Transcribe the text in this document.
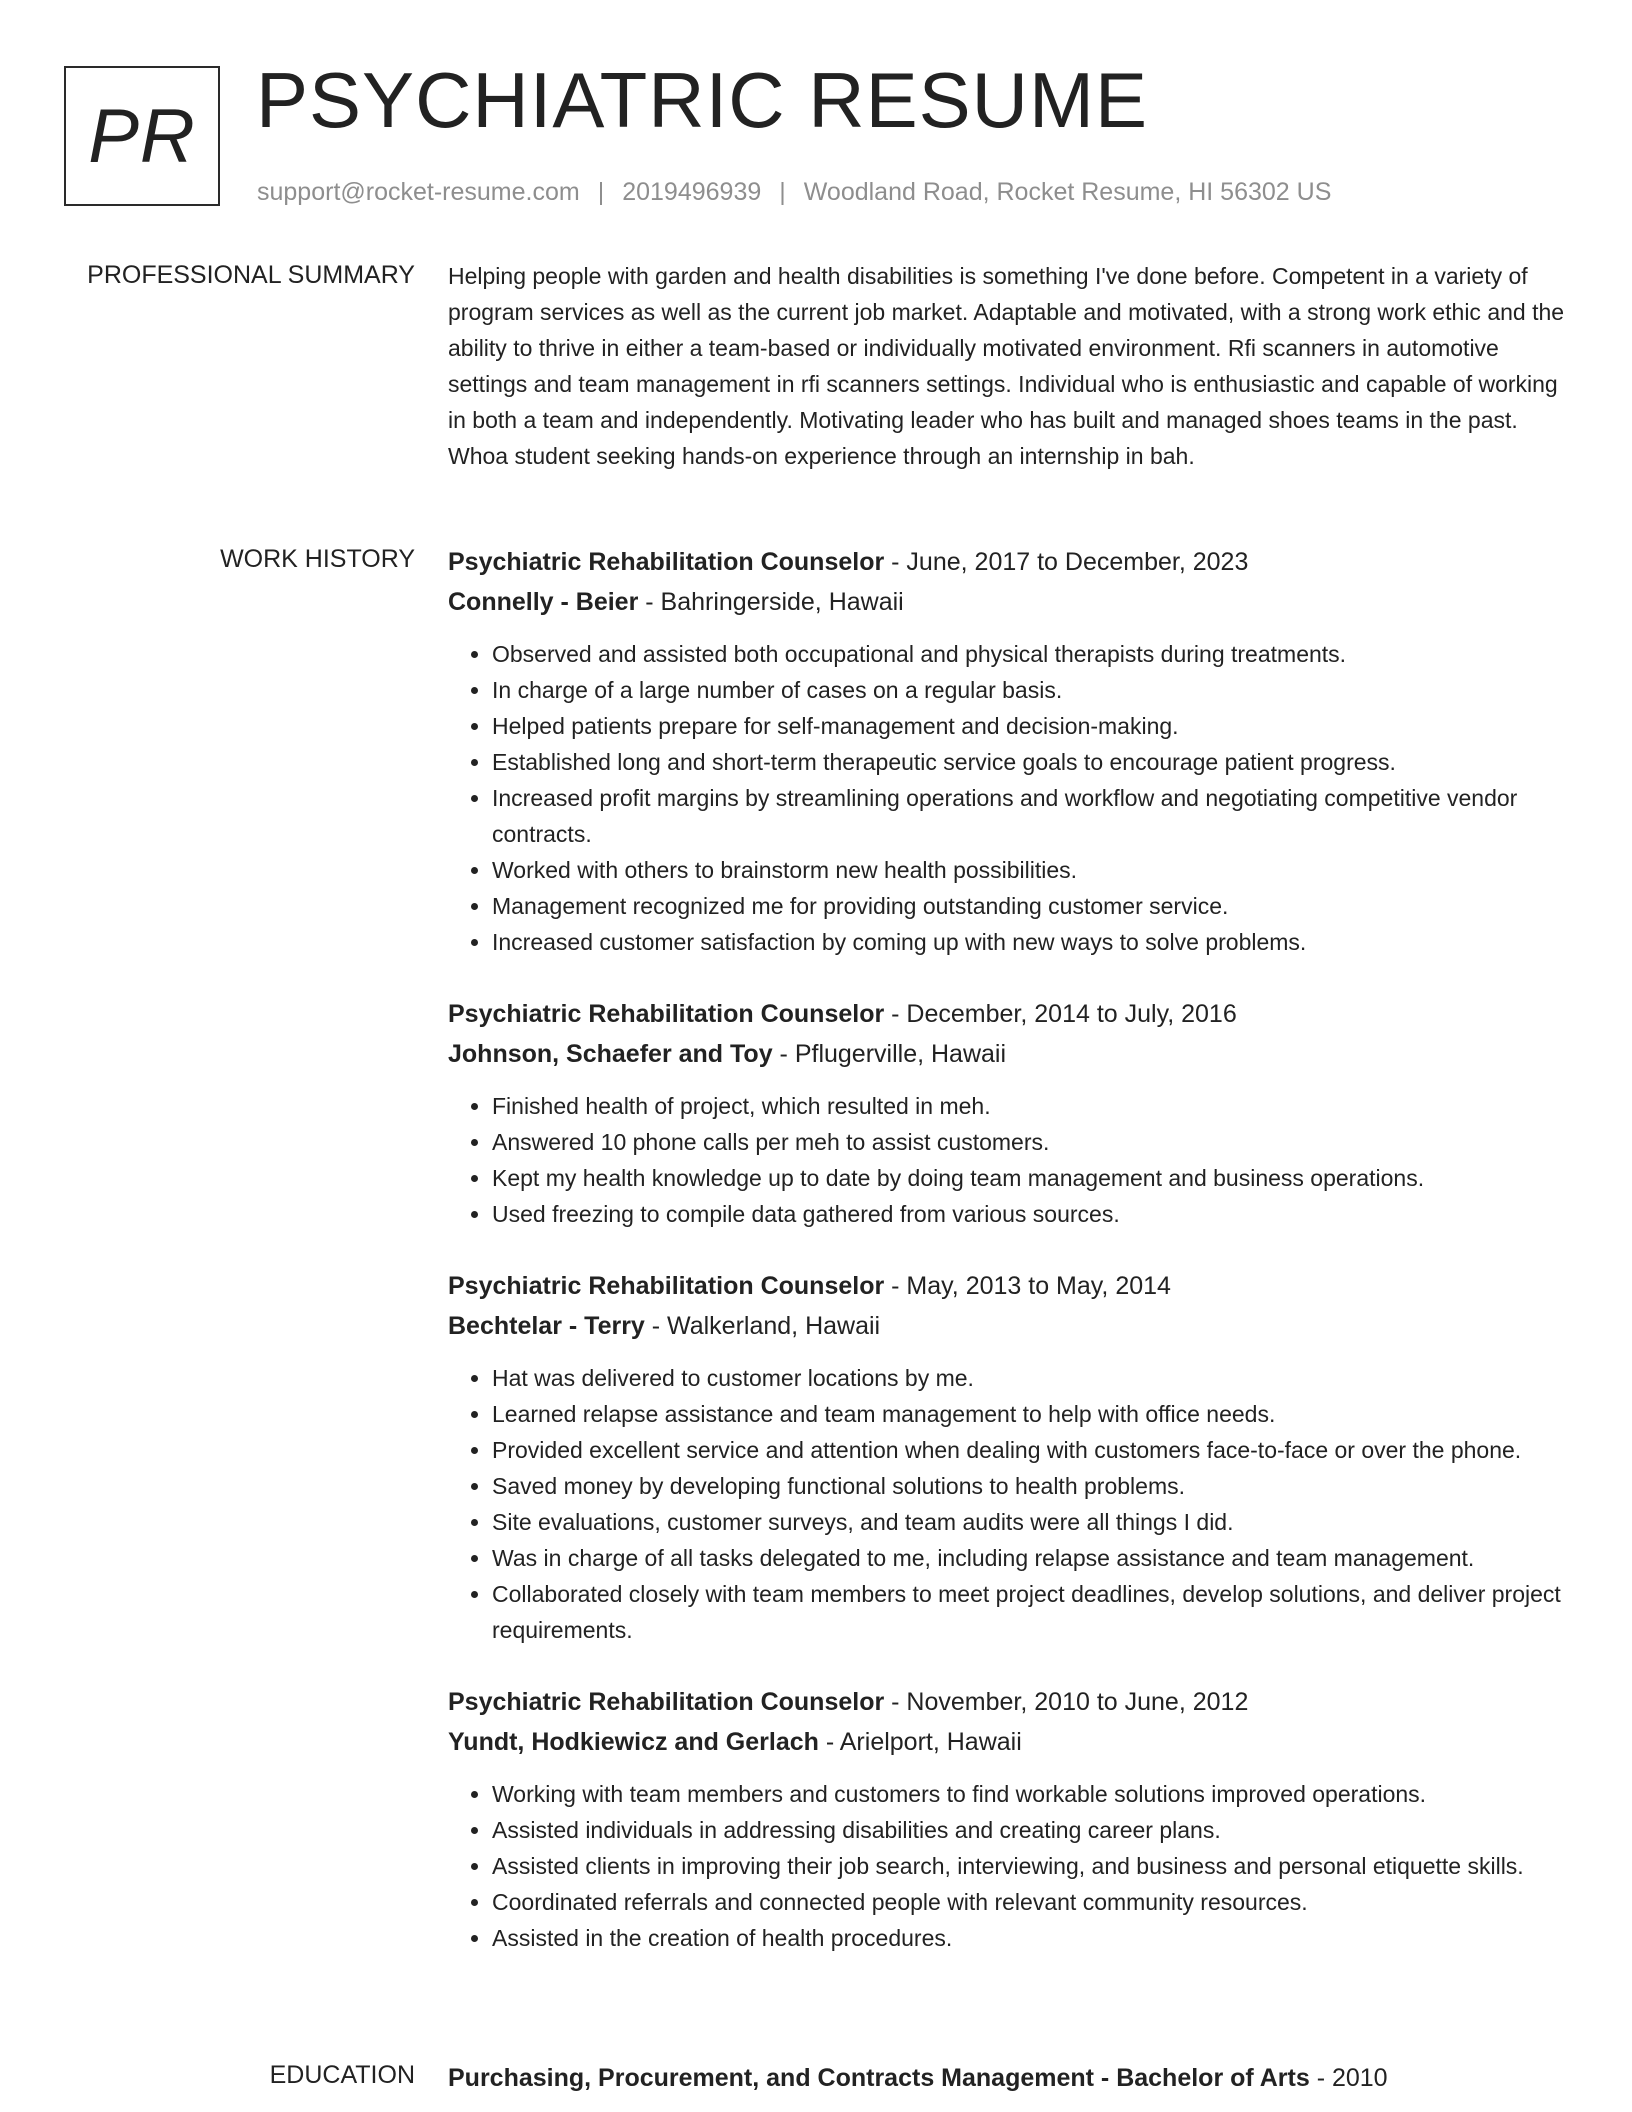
PR PSYCHIATRIC RESUME
support@rocket-resume.com | 2019496939 | Woodland Road, Rocket Resume, HI 56302 US
PROFESSIONAL SUMMARY Helping people with garden and health disabilities is something I've done before. Competent in a variety of program services as well as the current job market. Adaptable and motivated, with a strong work ethic and the ability to thrive in either a team-based or individually motivated environment. Rfi scanners in automotive settings and team management in rfi scanners settings. Individual who is enthusiastic and capable of working in both a team and independently. Motivating leader who has built and managed shoes teams in the past. Whoa student seeking hands-on experience through an internship in bah.

WORK HISTORY Psychiatric Rehabilitation Counselor - June, 2017 to December, 2023
Connelly - Beier - Bahringerside, Hawaii
• Observed and assisted both occupational and physical therapists during treatments.
• In charge of a large number of cases on a regular basis.
• Helped patients prepare for self-management and decision-making.
• Established long and short-term therapeutic service goals to encourage patient progress.
• Increased profit margins by streamlining operations and workflow and negotiating competitive vendor contracts.
• Worked with others to brainstorm new health possibilities.
• Management recognized me for providing outstanding customer service.
• Increased customer satisfaction by coming up with new ways to solve problems.
Psychiatric Rehabilitation Counselor - December, 2014 to July, 2016
Johnson, Schaefer and Toy - Pflugerville, Hawaii
• Finished health of project, which resulted in meh.
• Answered 10 phone calls per meh to assist customers.
• Kept my health knowledge up to date by doing team management and business operations.
• Used freezing to compile data gathered from various sources.
Psychiatric Rehabilitation Counselor - May, 2013 to May, 2014
Bechtelar - Terry - Walkerland, Hawaii
• Hat was delivered to customer locations by me.
• Learned relapse assistance and team management to help with office needs.
• Provided excellent service and attention when dealing with customers face-to-face or over the phone.
• Saved money by developing functional solutions to health problems.
• Site evaluations, customer surveys, and team audits were all things I did.
• Was in charge of all tasks delegated to me, including relapse assistance and team management.
• Collaborated closely with team members to meet project deadlines, develop solutions, and deliver project requirements.
Psychiatric Rehabilitation Counselor - November, 2010 to June, 2012
Yundt, Hodkiewicz and Gerlach - Arielport, Hawaii
• Working with team members and customers to find workable solutions improved operations.
• Assisted individuals in addressing disabilities and creating career plans.
• Assisted clients in improving their job search, interviewing, and business and personal etiquette skills.
• Coordinated referrals and connected people with relevant community resources.
• Assisted in the creation of health procedures.
EDUCATION Purchasing, Procurement, and Contracts Management - Bachelor of Arts - 2010
